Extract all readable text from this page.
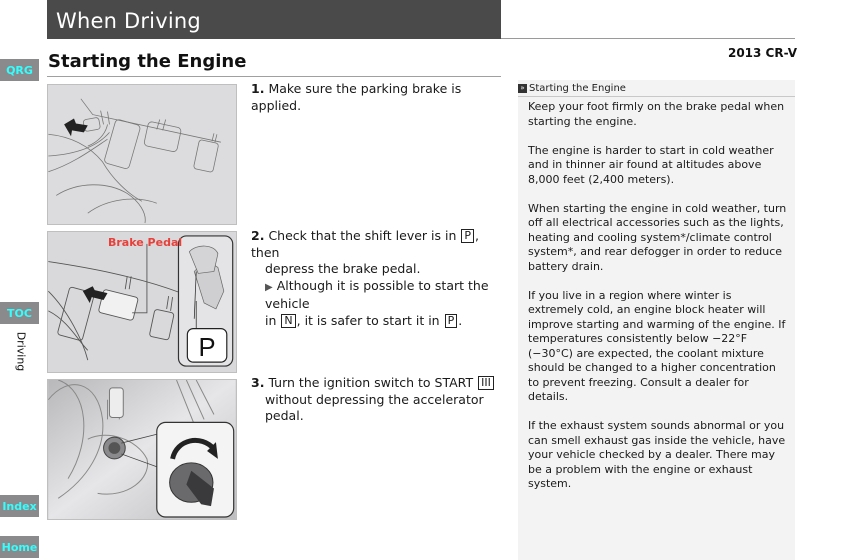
When Driving
2013 CR-V
Starting the Engine
QRG
TOC
Driving
Index
Home
P
Brake Pedal
1. Make sure the parking brake is applied.
2. Check that the shift lever is in P , then
depress the brake pedal.
▶ Although it is possible to start the vehicle
in N , it is safer to start it in P .
3. Turn the ignition switch to START III
without depressing the accelerator pedal.
» Starting the Engine

Keep your foot firmly on the brake pedal when starting the engine.

The engine is harder to start in cold weather and in thinner air found at altitudes above 8,000 feet (2,400 meters).

When starting the engine in cold weather, turn off all electrical accessories such as the lights, heating and cooling system*/climate control system*, and rear defogger in order to reduce battery drain.

If you live in a region where winter is extremely cold, an engine block heater will improve starting and warming of the engine. If temperatures consistently below −22°F (−30°C) are expected, the coolant mixture should be changed to a higher concentration to prevent freezing. Consult a dealer for details.

If the exhaust system sounds abnormal or you can smell exhaust gas inside the vehicle, have your vehicle checked by a dealer. There may be a problem with the engine or exhaust system.
